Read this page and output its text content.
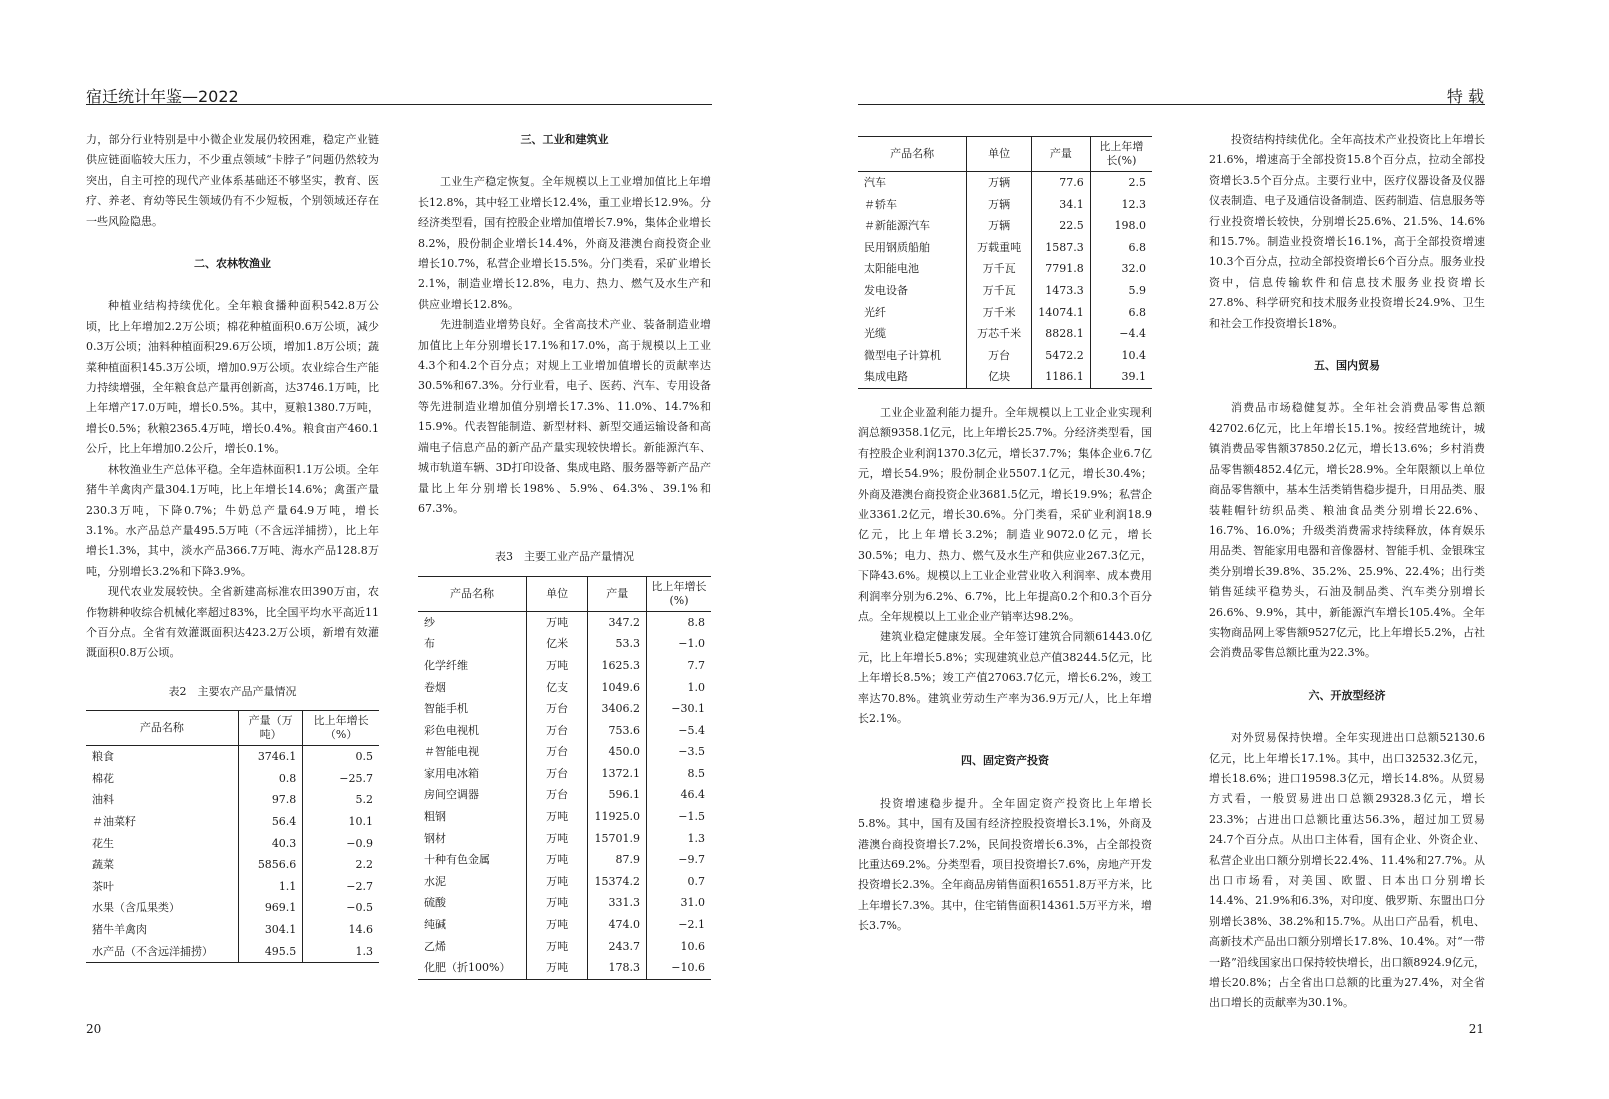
宿迁统计年鉴—2022

力，部分行业特别是中小微企业发展仍较困难，稳定产业链供应链面临较大压力，不少重点领域“卡脖子”问题仍然较为突出，自主可控的现代产业体系基础还不够坚实，教育、医疗、养老、育幼等民生领域仍有不少短板，个别领域还存在一些风险隐患。

二、农林牧渔业

种植业结构持续优化。全年粮食播种面积542.8万公顷，比上年增加2.2万公顷；棉花种植面积0.6万公顷，减少0.3万公顷；油料种植面积29.6万公顷，增加1.8万公顷；蔬菜种植面积145.3万公顷，增加0.9万公顷。农业综合生产能力持续增强，全年粮食总产量再创新高，达3746.1万吨，比上年增产17.0万吨，增长0.5%。其中，夏粮1380.7万吨，增长0.5%；秋粮2365.4万吨，增长0.4%。粮食亩产460.1公斤，比上年增加0.2公斤，增长0.1%。

林牧渔业生产总体平稳。全年造林面积1.1万公顷。全年猪牛羊禽肉产量304.1万吨，比上年增长14.6%；禽蛋产量230.3万吨，下降0.7%；牛奶总产量64.9万吨，增长3.1%。水产品总产量495.5万吨（不含远洋捕捞），比上年增长1.3%，其中，淡水产品366.7万吨、海水产品128.8万吨，分别增长3.2%和下降3.9%。

现代农业发展较快。全省新建高标准农田390万亩，农作物耕种收综合机械化率超过83%，比全国平均水平高近11个百分点。全省有效灌溉面积达423.2万公顷，新增有效灌溉面积0.8万公顷。

表2　主要农产品产量情况
产品名称	产量（万吨）	比上年增长（%）
粮食	3746.1	0.5
棉花	0.8	−25.7
油料	97.8	5.2
＃油菜籽	56.4	10.1
花生	40.3	−0.9
蔬菜	5856.6	2.2
茶叶	1.1	−2.7
水果（含瓜果类）	969.1	−0.5
猪牛羊禽肉	304.1	14.6
水产品（不含远洋捕捞）	495.5	1.3
三、工业和建筑业

工业生产稳定恢复。全年规模以上工业增加值比上年增长12.8%，其中轻工业增长12.4%，重工业增长12.9%。分经济类型看，国有控股企业增加值增长7.9%，集体企业增长8.2%，股份制企业增长14.4%，外商及港澳台商投资企业增长10.7%，私营企业增长15.5%。分门类看，采矿业增长2.1%，制造业增长12.8%，电力、热力、燃气及水生产和供应业增长12.8%。

先进制造业增势良好。全省高技术产业、装备制造业增加值比上年分别增长17.1%和17.0%，高于规模以上工业4.3个和4.2个百分点；对规上工业增加值增长的贡献率达30.5%和67.3%。分行业看，电子、医药、汽车、专用设备等先进制造业增加值分别增长17.3%、11.0%、14.7%和15.9%。代表智能制造、新型材料、新型交通运输设备和高端电子信息产品的新产品产量实现较快增长。新能源汽车、城市轨道车辆、3D打印设备、集成电路、服务器等新产品产量比上年分别增长198%、5.9%、64.3%、39.1%和67.3%。

表3　主要工业产品产量情况
产品名称	单位	产量	比上年增长(%)
纱	万吨	347.2	8.8
布	亿米	53.3	−1.0
化学纤维	万吨	1625.3	7.7
卷烟	亿支	1049.6	1.0
智能手机	万台	3406.2	−30.1
彩色电视机	万台	753.6	−5.4
＃智能电视	万台	450.0	−3.5
家用电冰箱	万台	1372.1	8.5
房间空调器	万台	596.1	46.4
粗钢	万吨	11925.0	−1.5
钢材	万吨	15701.9	1.3
十种有色金属	万吨	87.9	−9.7
水泥	万吨	15374.2	0.7
硫酸	万吨	331.3	31.0
纯碱	万吨	474.0	−2.1
乙烯	万吨	243.7	10.6
化肥（折100%）	万吨	178.3	−10.6
20
特 载
产品名称	单位	产量	比上年增长(%)
汽车	万辆	77.6	2.5
＃轿车	万辆	34.1	12.3
＃新能源汽车	万辆	22.5	198.0
民用钢质船舶	万载重吨	1587.3	6.8
太阳能电池	万千瓦	7791.8	32.0
发电设备	万千瓦	1473.3	5.9
光纤	万千米	14074.1	6.8
光缆	万芯千米	8828.1	−4.4
微型电子计算机	万台	5472.2	10.4
集成电路	亿块	1186.1	39.1

工业企业盈利能力提升。全年规模以上工业企业实现利润总额9358.1亿元，比上年增长25.7%。分经济类型看，国有控股企业利润1370.3亿元，增长37.7%；集体企业6.7亿元，增长54.9%；股份制企业5507.1亿元，增长30.4%；外商及港澳台商投资企业3681.5亿元，增长19.9%；私营企业3361.2亿元，增长30.6%。分门类看，采矿业利润18.9亿元，比上年增长3.2%；制造业9072.0亿元，增长30.5%；电力、热力、燃气及水生产和供应业267.3亿元，下降43.6%。规模以上工业企业营业收入利润率、成本费用利润率分别为6.2%、6.7%，比上年提高0.2个和0.3个百分点。全年规模以上工业企业产销率达98.2%。

建筑业稳定健康发展。全年签订建筑合同额61443.0亿元，比上年增长5.8%；实现建筑业总产值38244.5亿元，比上年增长8.5%；竣工产值27063.7亿元，增长6.2%，竣工率达70.8%。建筑业劳动生产率为36.9万元/人，比上年增长2.1%。

四、固定资产投资

投资增速稳步提升。全年固定资产投资比上年增长5.8%。其中，国有及国有经济控股投资增长3.1%，外商及港澳台商投资增长7.2%，民间投资增长6.3%，占全部投资比重达69.2%。分类型看，项目投资增长7.6%，房地产开发投资增长2.3%。全年商品房销售面积16551.8万平方米，比上年增长7.3%。其中，住宅销售面积14361.5万平方米，增长3.7%。

投资结构持续优化。全年高技术产业投资比上年增长21.6%，增速高于全部投资15.8个百分点，拉动全部投资增长3.5个百分点。主要行业中，医疗仪器设备及仪器仪表制造、电子及通信设备制造、医药制造、信息服务等行业投资增长较快，分别增长25.6%、21.5%、14.6%和15.7%。制造业投资增长16.1%，高于全部投资增速10.3个百分点，拉动全部投资增长6个百分点。服务业投资中，信息传输软件和信息技术服务业投资增长27.8%、科学研究和技术服务业投资增长24.9%、卫生和社会工作投资增长18%。

五、国内贸易

消费品市场稳健复苏。全年社会消费品零售总额42702.6亿元，比上年增长15.1%。按经营地统计，城镇消费品零售额37850.2亿元，增长13.6%；乡村消费品零售额4852.4亿元，增长28.9%。全年限额以上单位商品零售额中，基本生活类销售稳步提升，日用品类、服装鞋帽针纺织品类、粮油食品类分别增长22.6%、16.7%、16.0%；升级类消费需求持续释放，体育娱乐用品类、智能家用电器和音像器材、智能手机、金银珠宝类分别增长39.8%、35.2%、25.9%、22.4%；出行类销售延续平稳势头，石油及制品类、汽车类分别增长26.6%、9.9%，其中，新能源汽车增长105.4%。全年实物商品网上零售额9527亿元，比上年增长5.2%，占社会消费品零售总额比重为22.3%。

六、开放型经济

对外贸易保持快增。全年实现进出口总额52130.6亿元，比上年增长17.1%。其中，出口32532.3亿元，增长18.6%；进口19598.3亿元，增长14.8%。从贸易方式看，一般贸易进出口总额29328.3亿元，增长23.3%；占进出口总额比重达56.3%，超过加工贸易24.7个百分点。从出口主体看，国有企业、外资企业、私营企业出口额分别增长22.4%、11.4%和27.7%。从出口市场看，对美国、欧盟、日本出口分别增长14.4%、21.9%和6.3%，对印度、俄罗斯、东盟出口分别增长38%、38.2%和15.7%。从出口产品看，机电、高新技术产品出口额分别增长17.8%、10.4%。对“一带一路”沿线国家出口保持较快增长，出口额8924.9亿元，增长20.8%；占全省出口总额的比重为27.4%，对全省出口增长的贡献率为30.1%。

21
